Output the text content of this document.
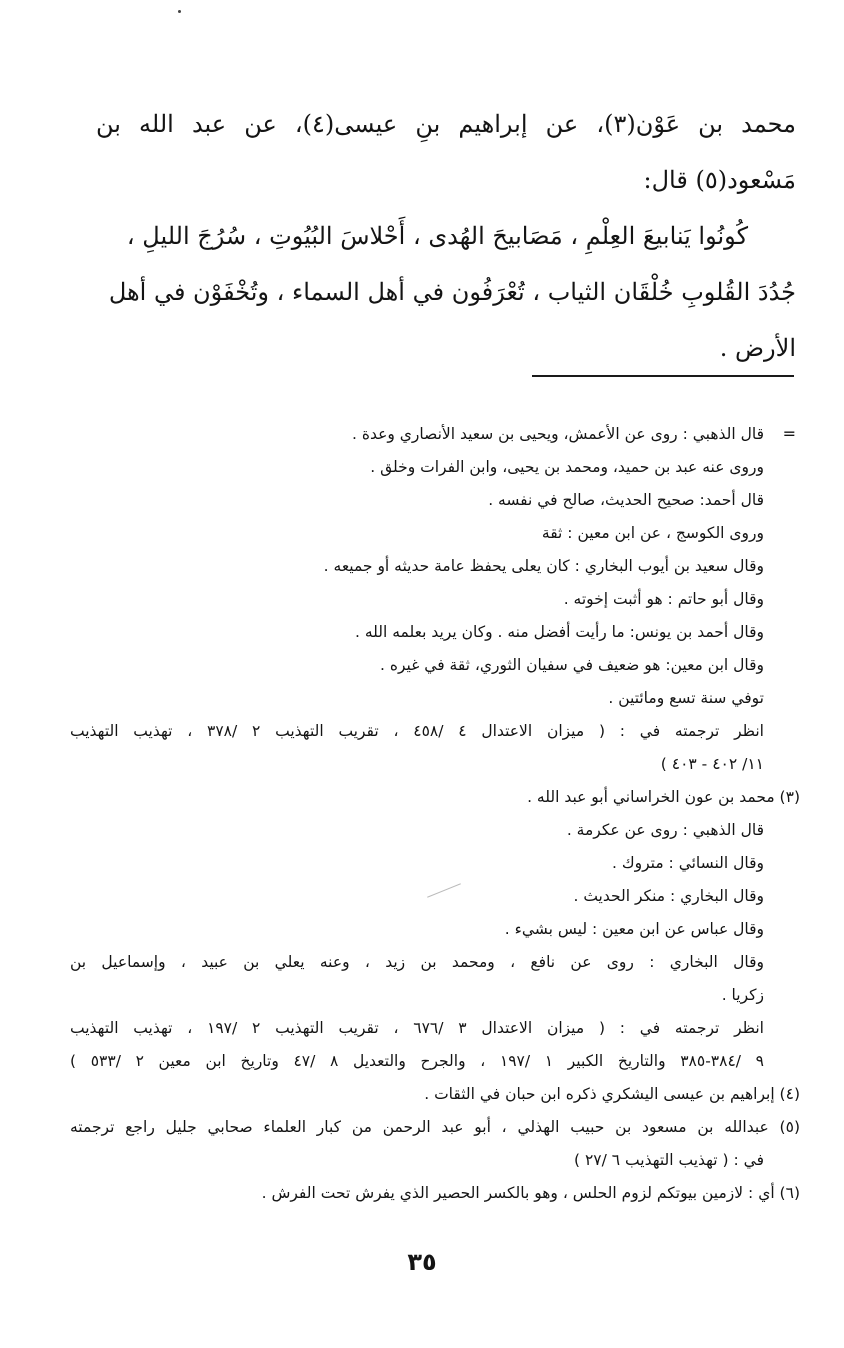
محمد بن عَوْن(٣)، عن إبراهيم بنِ عيسى(٤)، عن عبد الله بن مَسْعود(٥) قال:

كُونُوا يَنابيعَ العِلْمِ ، مَصَابيحَ الهُدى ، أَحْلاسَ البُيُوتِ ، سُرُجَ الليلِ ،

جُدُدَ القُلوبِ خُلْقَان الثياب ، تُعْرَفُون في أهل السماء ، وتُخْفَوْن في أهل

الأرض .

=
قال الذهبي : روى عن الأعمش، ويحيى بن سعيد الأنصاري وعدة .
وروى عنه عبد بن حميد، ومحمد بن يحيى، وابن الفرات وخلق .
قال أحمد: صحيح الحديث، صالح في نفسه .
وروى الكوسج ، عن ابن معين : ثقة
وقال سعيد بن أيوب البخاري : كان يعلى يحفظ عامة حديثه أو جميعه .
وقال أبو حاتم : هو أثبت إخوته .
وقال أحمد بن يونس: ما رأيت أفضل منه . وكان يريد بعلمه الله .
وقال ابن معين: هو ضعيف في سفيان الثوري، ثقة في غيره .
توفي سنة تسع ومائتين .
انظر ترجمته في : ( ميزان الاعتدال ٤ /٤٥٨ ، تقريب التهذيب ٢ /٣٧٨ ، تهذيب التهذيب
١١/ ٤٠٢ - ٤٠٣ )
(٣) محمد بن عون الخراساني أبو عبد الله .
قال الذهبي : روى عن عكرمة .
وقال النسائي : متروك .
وقال البخاري : منكر الحديث .
وقال عباس عن ابن معين : ليس بشيء .
وقال البخاري : روى عن نافع ، ومحمد بن زيد ، وعنه يعلي بن عبيد ، وإسماعيل بن
زكريا .
انظر ترجمته في : ( ميزان الاعتدال ٣ /٦٧٦ ، تقريب التهذيب ٢ /١٩٧ ، تهذيب التهذيب
٩ /٣٨٤-٣٨٥ والتاريخ الكبير ١ /١٩٧ ، والجرح والتعديل ٨ /٤٧ وتاريخ ابن معين ٢ /٥٣٣ )
(٤) إبراهيم بن عيسى اليشكري ذكره ابن حبان في الثقات .
(٥) عبدالله بن مسعود بن حبيب الهذلي ، أبو عبد الرحمن من كبار العلماء صحابي جليل راجع ترجمته
في : ( تهذيب التهذيب ٦ /٢٧ )
(٦) أي : لازمين بيوتكم لزوم الحلس ، وهو بالكسر الحصير الذي يفرش تحت الفرش .
٣٥
